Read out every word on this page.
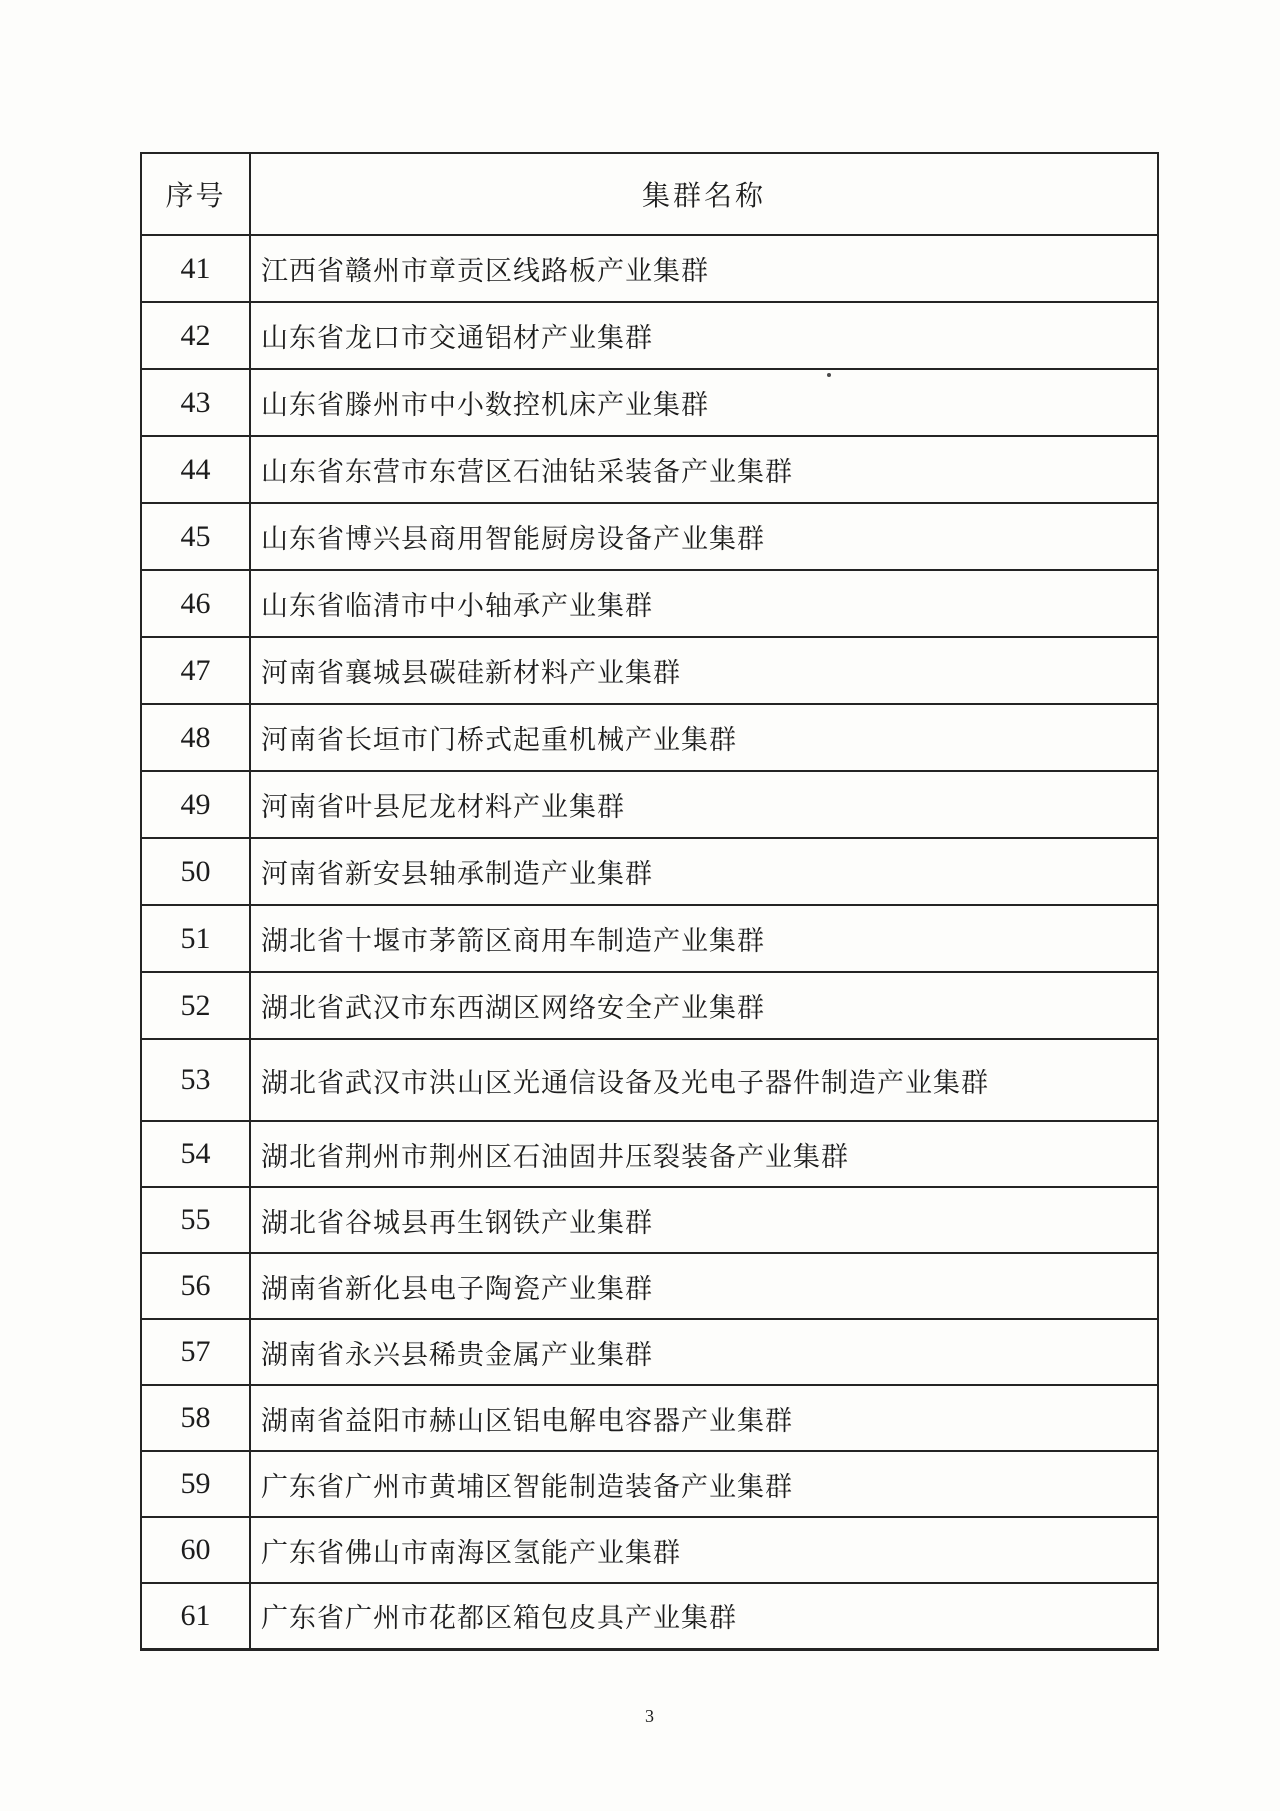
序号	集群名称
41	江西省赣州市章贡区线路板产业集群
42	山东省龙口市交通铝材产业集群
43	山东省滕州市中小数控机床产业集群
44	山东省东营市东营区石油钻采装备产业集群
45	山东省博兴县商用智能厨房设备产业集群
46	山东省临清市中小轴承产业集群
47	河南省襄城县碳硅新材料产业集群
48	河南省长垣市门桥式起重机械产业集群
49	河南省叶县尼龙材料产业集群
50	河南省新安县轴承制造产业集群
51	湖北省十堰市茅箭区商用车制造产业集群
52	湖北省武汉市东西湖区网络安全产业集群
53	湖北省武汉市洪山区光通信设备及光电子器件制造产业集群
54	湖北省荆州市荆州区石油固井压裂装备产业集群
55	湖北省谷城县再生钢铁产业集群
56	湖南省新化县电子陶瓷产业集群
57	湖南省永兴县稀贵金属产业集群
58	湖南省益阳市赫山区铝电解电容器产业集群
59	广东省广州市黄埔区智能制造装备产业集群
60	广东省佛山市南海区氢能产业集群
61	广东省广州市花都区箱包皮具产业集群
3
